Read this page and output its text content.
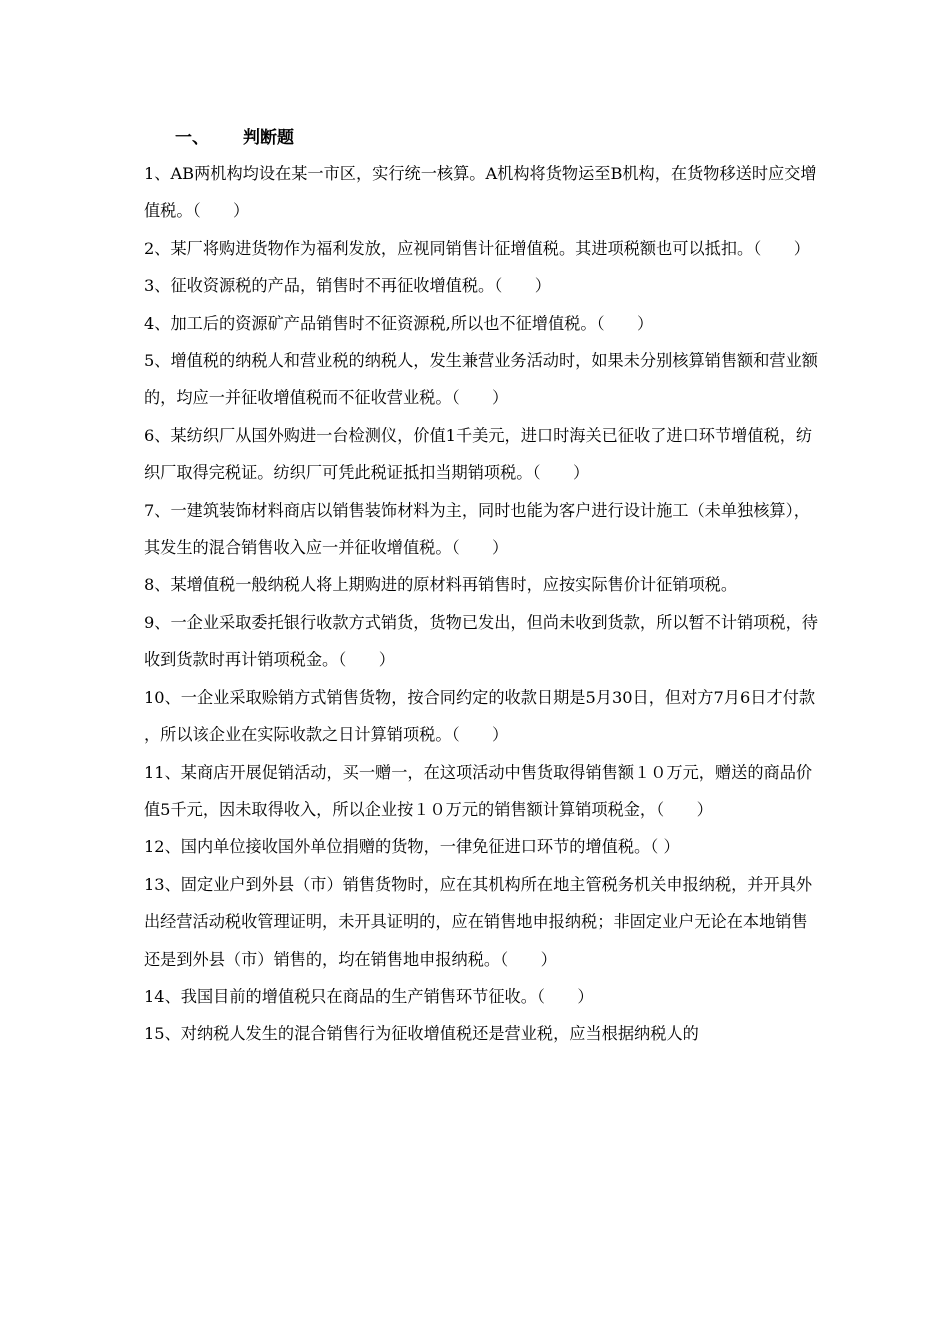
一、	判断题

1、AB两机构均设在某一市区，实行统一核算。A机构将货物运至B机构，在货物移送时应交增值税。（　　）

2、某厂将购进货物作为福利发放，应视同销售计征增值税。其进项税额也可以抵扣。（　　）

3、征收资源税的产品，销售时不再征收增值税。（　　）

4、加工后的资源矿产品销售时不征资源税,所以也不征增值税。（　　）

5、增值税的纳税人和营业税的纳税人，发生兼营业务活动时，如果未分别核算销售额和营业额的，均应一并征收增值税而不征收营业税。（　　）

6、某纺织厂从国外购进一台检测仪，价值1千美元，进口时海关已征收了进口环节增值税，纺织厂取得完税证。纺织厂可凭此税证抵扣当期销项税。（　　）

7、一建筑装饰材料商店以销售装饰材料为主，同时也能为客户进行设计施工（未单独核算），其发生的混合销售收入应一并征收增值税。（　　）

8、某增值税一般纳税人将上期购进的原材料再销售时，应按实际售价计征销项税。

9、一企业采取委托银行收款方式销货，货物已发出，但尚未收到货款，所以暂不计销项税，待收到货款时再计销项税金。（　　）

10、一企业采取赊销方式销售货物，按合同约定的收款日期是5月30日，但对方7月6日才付款，所以该企业在实际收款之日计算销项税。（　　）

11、某商店开展促销活动，买一赠一，在这项活动中售货取得销售额１０万元，赠送的商品价值5千元，因未取得收入，所以企业按１０万元的销售额计算销项税金，（　　）

12、国内单位接收国外单位捐赠的货物，一律免征进口环节的增值税。（ ）

13、固定业户到外县（市）销售货物时，应在其机构所在地主管税务机关申报纳税，并开具外出经营活动税收管理证明，未开具证明的，应在销售地申报纳税；非固定业户无论在本地销售还是到外县（市）销售的，均在销售地申报纳税。（　　）

14、我国目前的增值税只在商品的生产销售环节征收。（　　）

15、对纳税人发生的混合销售行为征收增值税还是营业税，应当根据纳税人的
